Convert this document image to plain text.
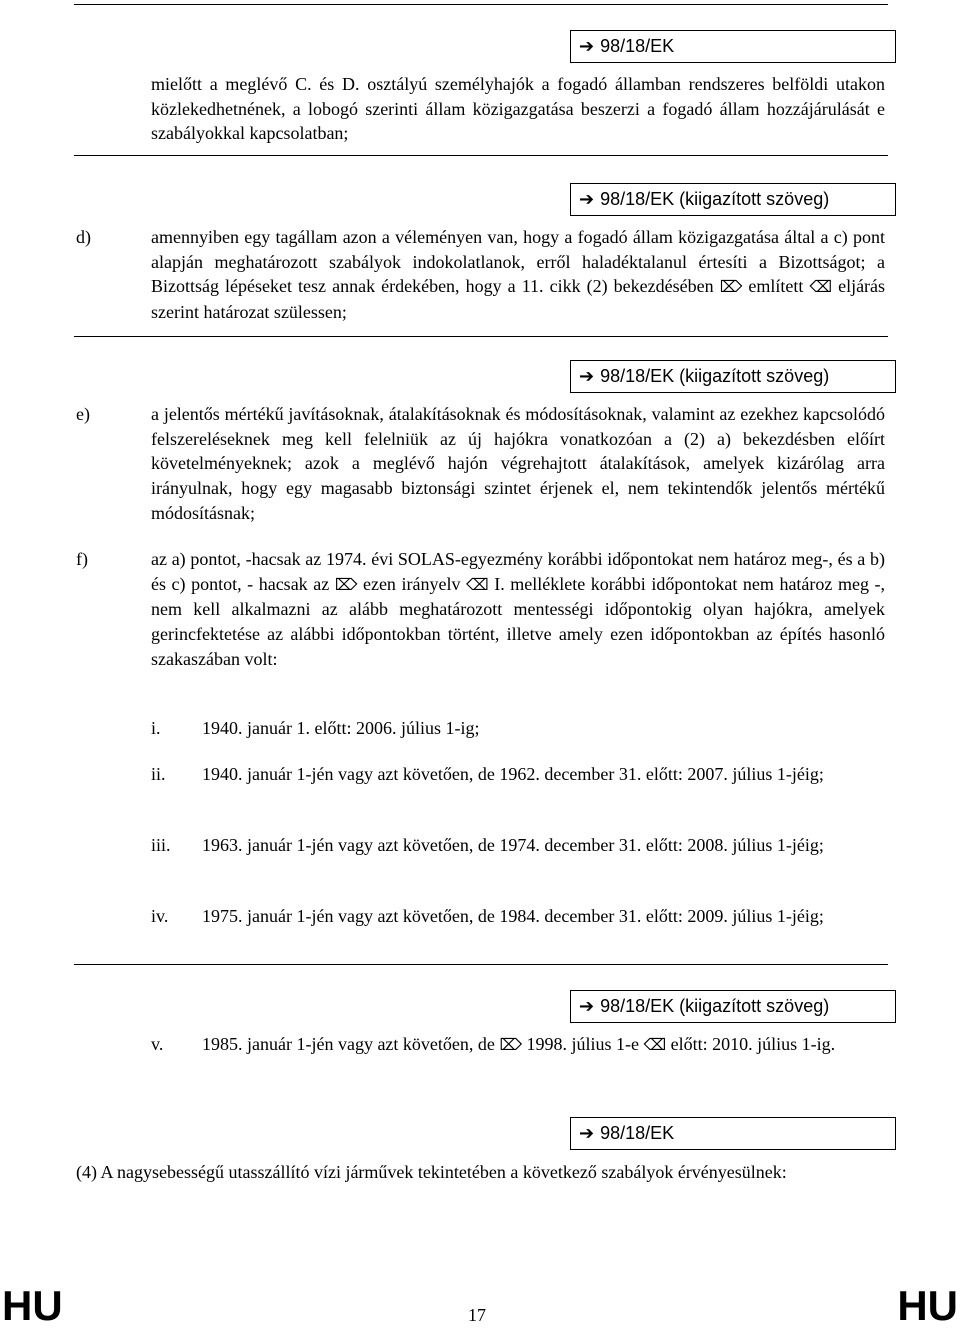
➔ 98/18/EK
mielőtt a meglévő C. és D. osztályú személyhajók a fogadó államban rendszeres belföldi utakon közlekedhetnének, a lobogó szerinti állam közigazgatása beszerzi a fogadó állam hozzájárulását e szabályokkal kapcsolatban;
➔ 98/18/EK (kiigazított szöveg)
d)	amennyiben egy tagállam azon a véleményen van, hogy a fogadó állam közigazgatása által a c) pont alapján meghatározott szabályok indokolatlanok, erről haladéktalanul értesíti a Bizottságot; a Bizottság lépéseket tesz annak érdekében, hogy a 11. cikk (2) bekezdésében ⌦ említett ⌫ eljárás szerint határozat szülessen;
➔ 98/18/EK (kiigazított szöveg)
e)	a jelentős mértékű javításoknak, átalakításoknak és módosításoknak, valamint az ezekhez kapcsolódó felszereléseknek meg kell felelniük az új hajókra vonatkozóan a (2) a) bekezdésben előírt követelményeknek; azok a meglévő hajón végrehajtott átalakítások, amelyek kizárólag arra irányulnak, hogy egy magasabb biztonsági szintet érjenek el, nem tekintendők jelentős mértékű módosításnak;
f)	az a) pontot, -hacsak az 1974. évi SOLAS-egyezmény korábbi időpontokat nem határoz meg-, és a b) és c) pontot, - hacsak az ⌦ ezen irányelv ⌫ I. melléklete korábbi időpontokat nem határoz meg -, nem kell alkalmazni az alább meghatározott mentességi időpontokig olyan hajókra, amelyek gerincfektetése az alábbi időpontokban történt, illetve amely ezen időpontokban az építés hasonló szakaszában volt:
i. 1940. január 1. előtt: 2006. július 1-ig;
ii. 1940. január 1-jén vagy azt követően, de 1962. december 31. előtt: 2007. július 1-jéig;
iii. 1963. január 1-jén vagy azt követően, de 1974. december 31. előtt: 2008. július 1-jéig;
iv. 1975. január 1-jén vagy azt követően, de 1984. december 31. előtt: 2009. július 1-jéig;
➔ 98/18/EK (kiigazított szöveg)
v. 1985. január 1-jén vagy azt követően, de ⌦ 1998. július 1-e ⌫ előtt: 2010. július 1-ig.
➔ 98/18/EK
(4) A nagysebességű utasszállító vízi járművek tekintetében a következő szabályok érvényesülnek:
HU	17	HU
